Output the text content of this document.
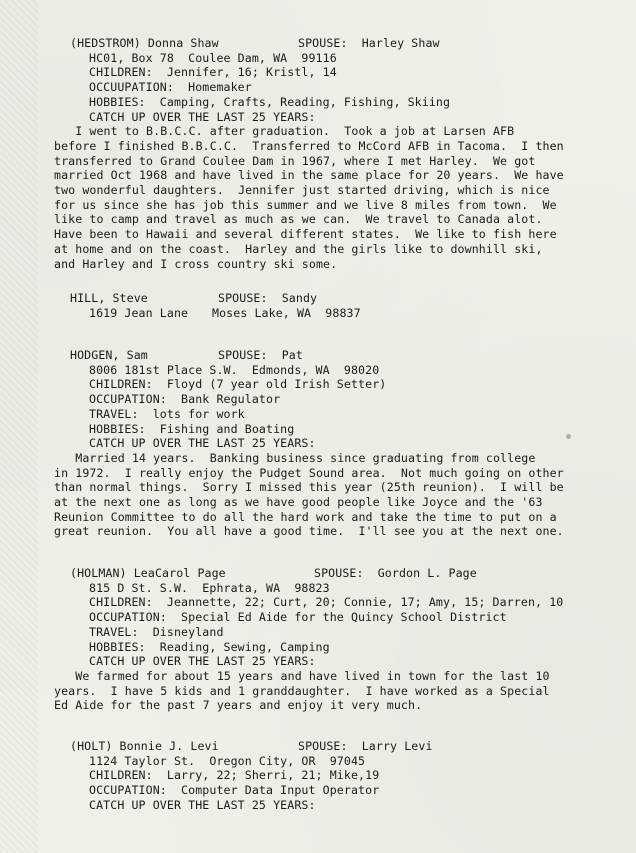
(HEDSTROM) Donna Shaw	SPOUSE:  Harley Shaw
HC01, Box 78  Coulee Dam, WA  99116
CHILDREN:  Jennifer, 16; Kristl, 14
OCCUUPATION:  Homemaker
HOBBIES:  Camping, Crafts, Reading, Fishing, Skiing
CATCH UP OVER THE LAST 25 YEARS:
I went to B.B.C.C. after graduation.  Took a job at Larsen AFB
before I finished B.B.C.C.  Transferred to McCord AFB in Tacoma.  I then
transferred to Grand Coulee Dam in 1967, where I met Harley.  We got
married Oct 1968 and have lived in the same place for 20 years.  We have
two wonderful daughters.  Jennifer just started driving, which is nice
for us since she has job this summer and we live 8 miles from town.  We
like to camp and travel as much as we can.  We travel to Canada alot.
Have been to Hawaii and several different states.  We like to fish here
at home and on the coast.  Harley and the girls like to downhill ski,
and Harley and I cross country ski some.
HILL, Steve	SPOUSE:  Sandy
1619 Jean Lane Moses Lake, WA  98837
HODGEN, Sam	SPOUSE:  Pat
8006 181st Place S.W.  Edmonds, WA  98020
CHILDREN:  Floyd (7 year old Irish Setter)
OCCUPATION:  Bank Regulator
TRAVEL:  lots for work
HOBBIES:  Fishing and Boating
CATCH UP OVER THE LAST 25 YEARS:
Married 14 years.  Banking business since graduating from college
in 1972.  I really enjoy the Pudget Sound area.  Not much going on other
than normal things.  Sorry I missed this year (25th reunion).  I will be
at the next one as long as we have good people like Joyce and the '63
Reunion Committee to do all the hard work and take the time to put on a
great reunion.  You all have a good time.  I'll see you at the next one.
(HOLMAN) LeaCarol Page	SPOUSE:  Gordon L. Page
815 D St. S.W.  Ephrata, WA  98823
CHILDREN:  Jeannette, 22; Curt, 20; Connie, 17; Amy, 15; Darren, 10
OCCUPATION:  Special Ed Aide for the Quincy School District
TRAVEL:  Disneyland
HOBBIES:  Reading, Sewing, Camping
CATCH UP OVER THE LAST 25 YEARS:
We farmed for about 15 years and have lived in town for the last 10
years.  I have 5 kids and 1 granddaughter.  I have worked as a Special
Ed Aide for the past 7 years and enjoy it very much.
(HOLT) Bonnie J. Levi	SPOUSE:  Larry Levi
1124 Taylor St.  Oregon City, OR  97045
CHILDREN:  Larry, 22; Sherri, 21; Mike,19
OCCUPATION:  Computer Data Input Operator
CATCH UP OVER THE LAST 25 YEARS:
